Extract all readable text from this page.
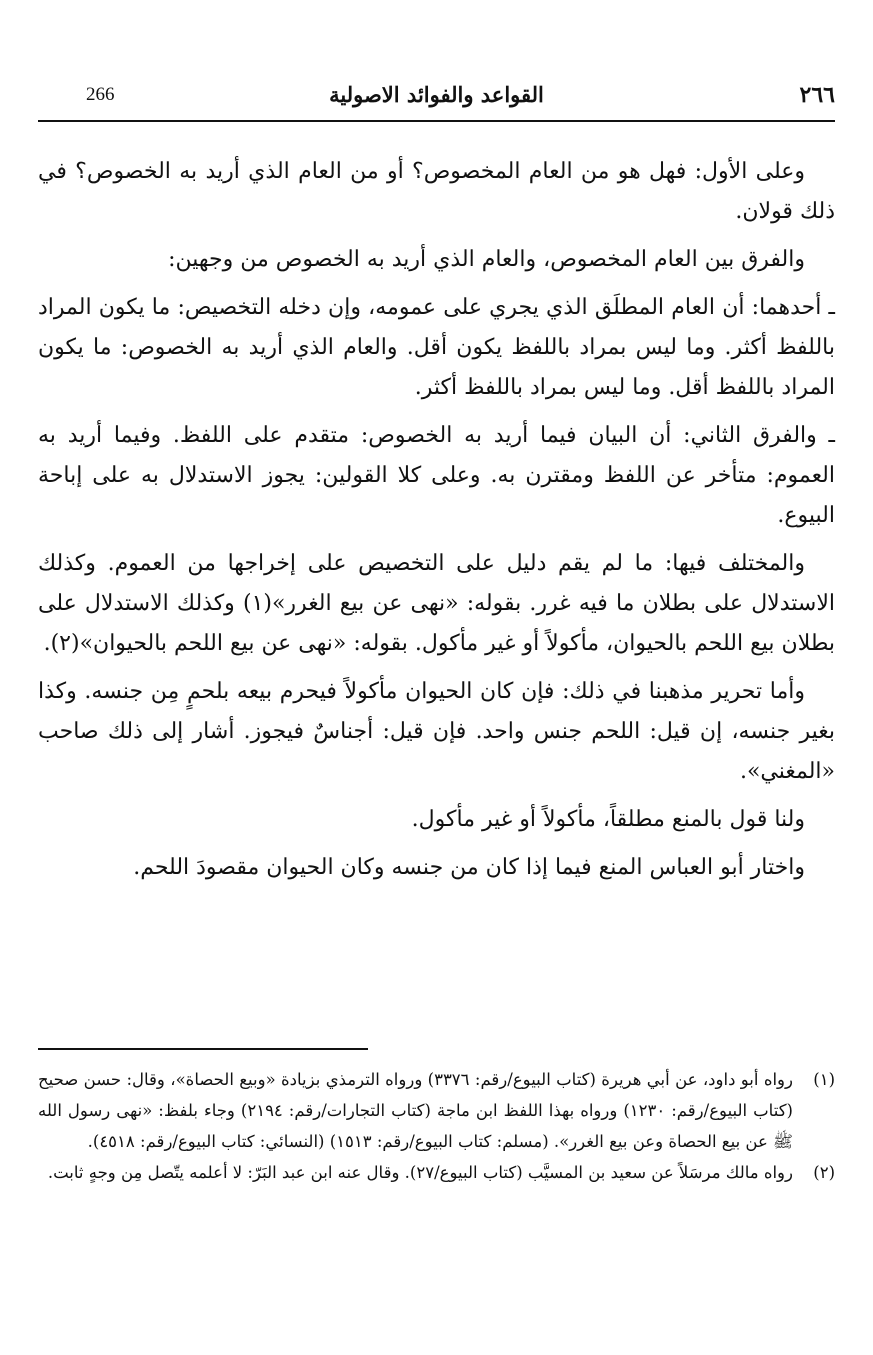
٢٦٦
القواعد والفوائد الاصولية
266

وعلى الأول: فهل هو من العام المخصوص؟ أو من العام الذي أريد به الخصوص؟ في ذلك قولان.

والفرق بين العام المخصوص، والعام الذي أريد به الخصوص من وجهين:

ـ أحدهما: أن العام المطلَق الذي يجري على عمومه، وإن دخله التخصيص: ما يكون المراد باللفظ أكثر. وما ليس بمراد باللفظ يكون أقل. والعام الذي أريد به الخصوص: ما يكون المراد باللفظ أقل. وما ليس بمراد باللفظ أكثر.

ـ والفرق الثاني: أن البيان فيما أريد به الخصوص: متقدم على اللفظ. وفيما أريد به العموم: متأخر عن اللفظ ومقترن به. وعلى كلا القولين: يجوز الاستدلال به على إباحة البيوع.

والمختلف فيها: ما لم يقم دليل على التخصيص على إخراجها من العموم. وكذلك الاستدلال على بطلان ما فيه غرر. بقوله: «نهى عن بيع الغرر»(١) وكذلك الاستدلال على بطلان بيع اللحم بالحيوان، مأكولاً أو غير مأكول. بقوله: «نهى عن بيع اللحم بالحيوان»(٢).

وأما تحرير مذهبنا في ذلك: فإن كان الحيوان مأكولاً فيحرم بيعه بلحمٍ مِن جنسه. وكذا بغير جنسه، إن قيل: اللحم جنس واحد. فإن قيل: أجناسٌ فيجوز. أشار إلى ذلك صاحب «المغني».

ولنا قول بالمنع مطلقاً، مأكولاً أو غير مأكول.

واختار أبو العباس المنع فيما إذا كان من جنسه وكان الحيوان مقصودَ اللحم.

(١)
رواه أبو داود، عن أبي هريرة (كتاب البيوع/رقم: ٣٣٧٦) ورواه الترمذي بزيادة «وبيع الحصاة»، وقال: حسن صحيح (كتاب البيوع/رقم: ١٢٣٠) ورواه بهذا اللفظ ابن ماجة (كتاب التجارات/رقم: ٢١٩٤) وجاء بلفظ: «نهى رسول الله ﷺ عن بيع الحصاة وعن بيع الغرر». (مسلم: كتاب البيوع/رقم: ١٥١٣) (النسائي: كتاب البيوع/رقم: ٤٥١٨).
(٢)
رواه مالك مرسَلاً عن سعيد بن المسيَّب (كتاب البيوع/٢٧). وقال عنه ابن عبد البَرّ: لا أعلمه يتّصل مِن وجهٍ ثابت.
